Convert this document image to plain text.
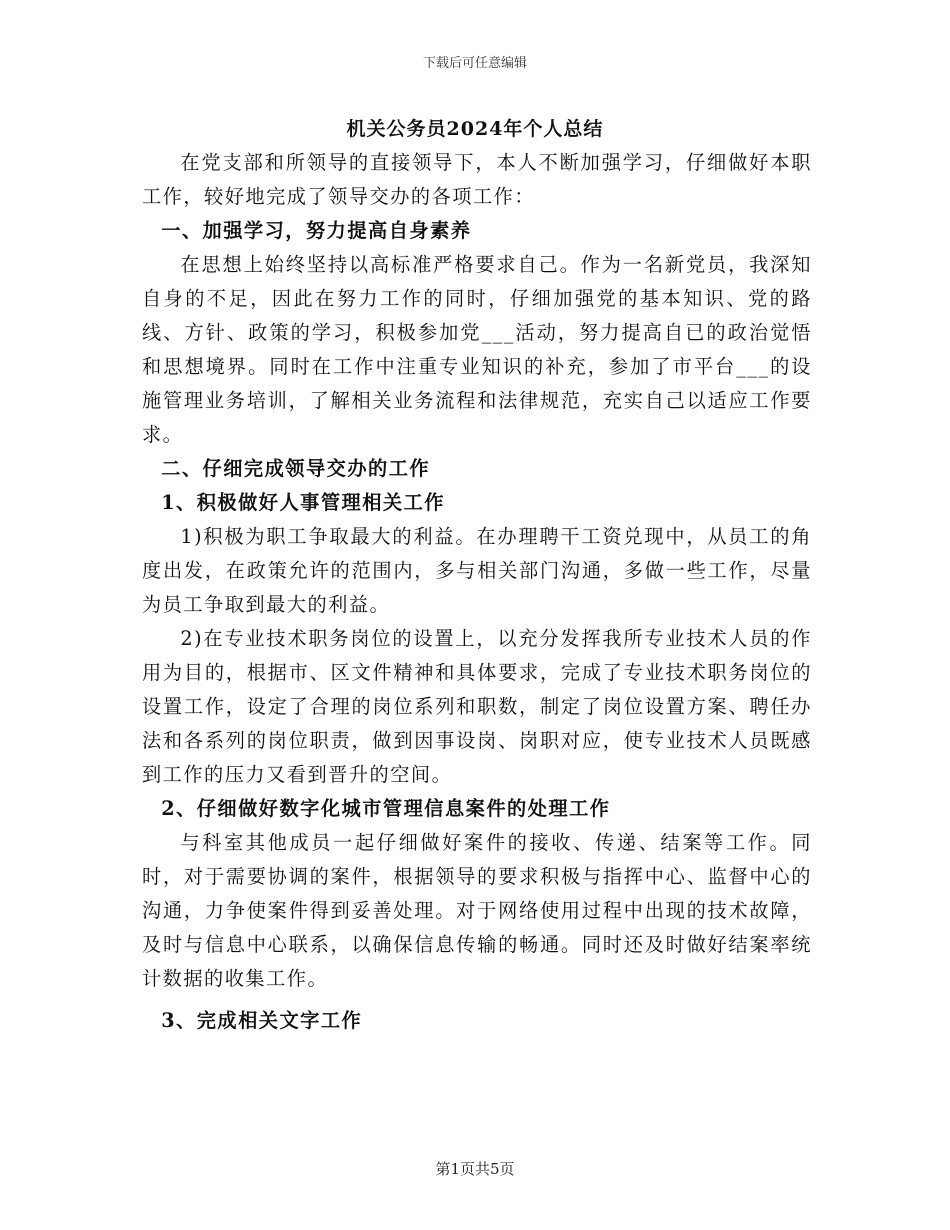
下载后可任意编辑
机关公务员2024年个人总结

在党支部和所领导的直接领导下，本人不断加强学习，仔细做好本职工作，较好地完成了领导交办的各项工作：

一、加强学习，努力提高自身素养

在思想上始终坚持以高标准严格要求自己。作为一名新党员，我深知自身的不足，因此在努力工作的同时，仔细加强党的基本知识、党的路线、方针、政策的学习，积极参加党___活动，努力提高自已的政治觉悟和思想境界。同时在工作中注重专业知识的补充，参加了市平台___的设施管理业务培训，了解相关业务流程和法律规范，充实自己以适应工作要求。

二、仔细完成领导交办的工作

1、积极做好人事管理相关工作

1)积极为职工争取最大的利益。在办理聘干工资兑现中，从员工的角度出发，在政策允许的范围内，多与相关部门沟通，多做一些工作，尽量为员工争取到最大的利益。

2)在专业技术职务岗位的设置上，以充分发挥我所专业技术人员的作用为目的，根据市、区文件精神和具体要求，完成了专业技术职务岗位的设置工作，设定了合理的岗位系列和职数，制定了岗位设置方案、聘任办法和各系列的岗位职责，做到因事设岗、岗职对应，使专业技术人员既感到工作的压力又看到晋升的空间。

2、仔细做好数字化城市管理信息案件的处理工作

与科室其他成员一起仔细做好案件的接收、传递、结案等工作。同时，对于需要协调的案件，根据领导的要求积极与指挥中心、监督中心的沟通，力争使案件得到妥善处理。对于网络使用过程中出现的技术故障，及时与信息中心联系，以确保信息传输的畅通。同时还及时做好结案率统计数据的收集工作。

3、完成相关文字工作

第1页共5页
